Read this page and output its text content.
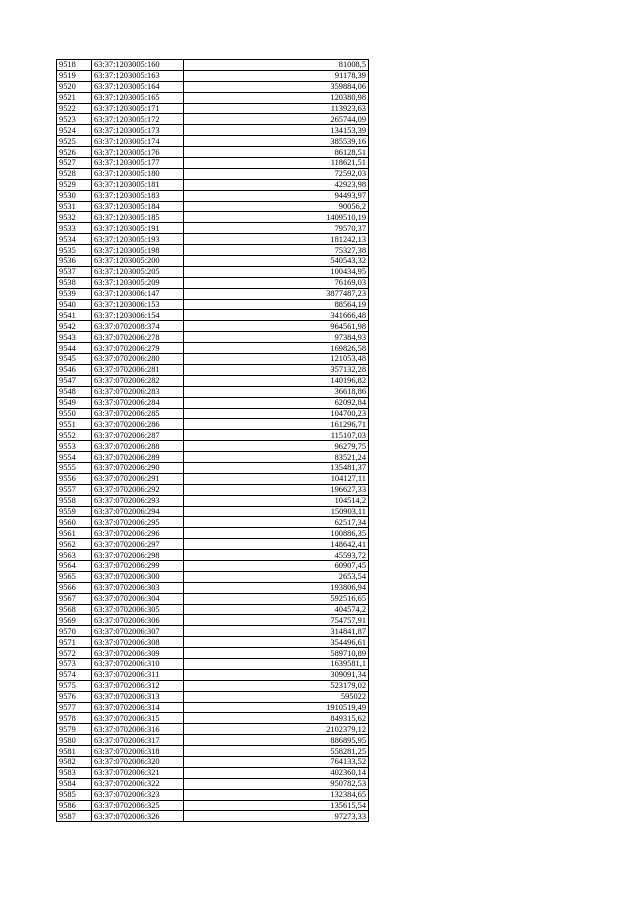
9518	63:37:1203005:160	81008,5
9519	63:37:1203005:163	91178,39
9520	63:37:1203005:164	359884,06
9521	63:37:1203005:165	120380,98
9522	63:37:1203005:171	113923,63
9523	63:37:1203005:172	265744,09
9524	63:37:1203005:173	134153,39
9525	63:37:1203005:174	385539,16
9526	63:37:1203005:176	86128,51
9527	63:37:1203005:177	118621,51
9528	63:37:1203005:180	72592,03
9529	63:37:1203005:181	42923,98
9530	63:37:1203005:183	94493,97
9531	63:37:1203005:184	90056,2
9532	63:37:1203005:185	1409510,19
9533	63:37:1203005:191	79570,37
9534	63:37:1203005:193	181242,13
9535	63:37:1203005:198	75327,38
9536	63:37:1203005:200	540543,32
9537	63:37:1203005:205	100434,95
9538	63:37:1203005:209	76169,03
9539	63:37:1203006:147	3877487,23
9540	63:37:1203006:153	88564,19
9541	63:37:1203006:154	341666,48
9542	63:37:0702008:374	964561,98
9543	63:37:0702006:278	97384,93
9544	63:37:0702006:279	169826,58
9545	63:37:0702006:280	121053,48
9546	63:37:0702006:281	357132,28
9547	63:37:0702006:282	140196,82
9548	63:37:0702006:283	36618,86
9549	63:37:0702006:284	62092,84
9550	63:37:0702006:285	104700,23
9551	63:37:0702006:286	161296,71
9552	63:37:0702006:287	115107,03
9553	63:37:0702006:288	96279,75
9554	63:37:0702006:289	83521,24
9555	63:37:0702006:290	135481,37
9556	63:37:0702006:291	104127,11
9557	63:37:0702006:292	196627,33
9558	63:37:0702006:293	104514,2
9559	63:37:0702006:294	150903,11
9560	63:37:0702006:295	62517,34
9561	63:37:0702006:296	100886,35
9562	63:37:0702006:297	148642,41
9563	63:37:0702006:298	45593,72
9564	63:37:0702006:299	60907,45
9565	63:37:0702006:300	2653,54
9566	63:37:0702006:303	193806,94
9567	63:37:0702006:304	592516,65
9568	63:37:0702006:305	404574,2
9569	63:37:0702006:306	754757,91
9570	63:37:0702006:307	314841,87
9571	63:37:0702006:308	354496,61
9572	63:37:0702006:309	589710,89
9573	63:37:0702006:310	1639581,1
9574	63:37:0702006:311	309091,34
9575	63:37:0702006:312	523179,02
9576	63:37:0702006:313	595022
9577	63:37:0702006:314	1910519,49
9578	63:37:0702006:315	849315,62
9579	63:37:0702006:316	2102379,12
9580	63:37:0702006:317	886895,95
9581	63:37:0702006:318	558281,25
9582	63:37:0702006:320	764133,52
9583	63:37:0702006:321	402360,14
9584	63:37:0702006:322	950782,53
9585	63:37:0702006:323	132384,65
9586	63:37:0702006:325	135615,54
9587	63:37:0702006:326	97273,33
